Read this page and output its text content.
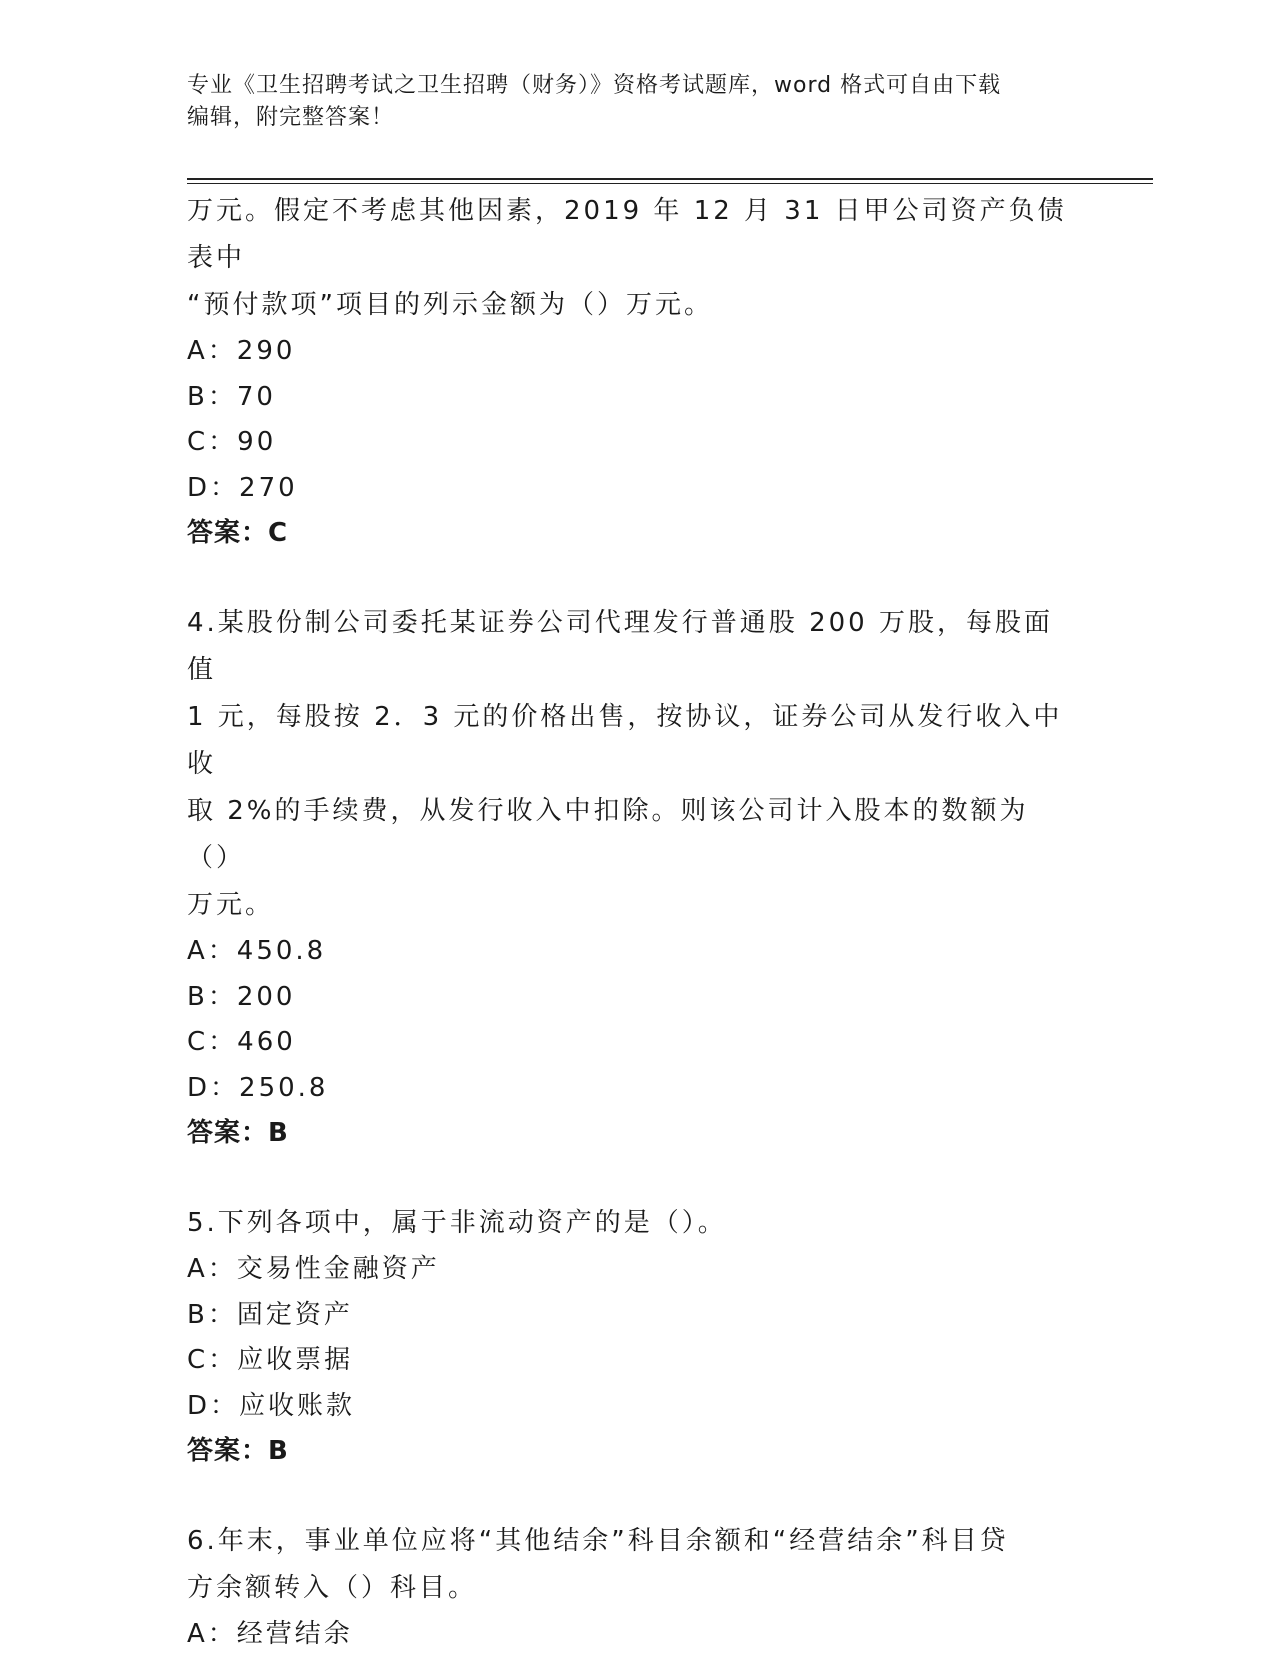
专业《卫生招聘考试之卫生招聘（财务）》资格考试题库，word 格式可自由下载
编辑，附完整答案！
万元。假定不考虑其他因素，2019 年 12 月 31 日甲公司资产负债表中
“预付款项”项目的列示金额为（）万元。
A：290
B：70
C：90
D：270
答案：C
4.某股份制公司委托某证券公司代理发行普通股 200 万股，每股面值
1 元，每股按 2．3 元的价格出售，按协议，证券公司从发行收入中收
取 2%的手续费，从发行收入中扣除。则该公司计入股本的数额为（）
万元。
A：450.8
B：200
C：460
D：250.8
答案：B
5.下列各项中，属于非流动资产的是（）。
A：交易性金融资产
B：固定资产
C：应收票据
D：应收账款
答案：B
6.年末，事业单位应将“其他结余”科目余额和“经营结余”科目贷
方余额转入（）科目。
A：经营结余
